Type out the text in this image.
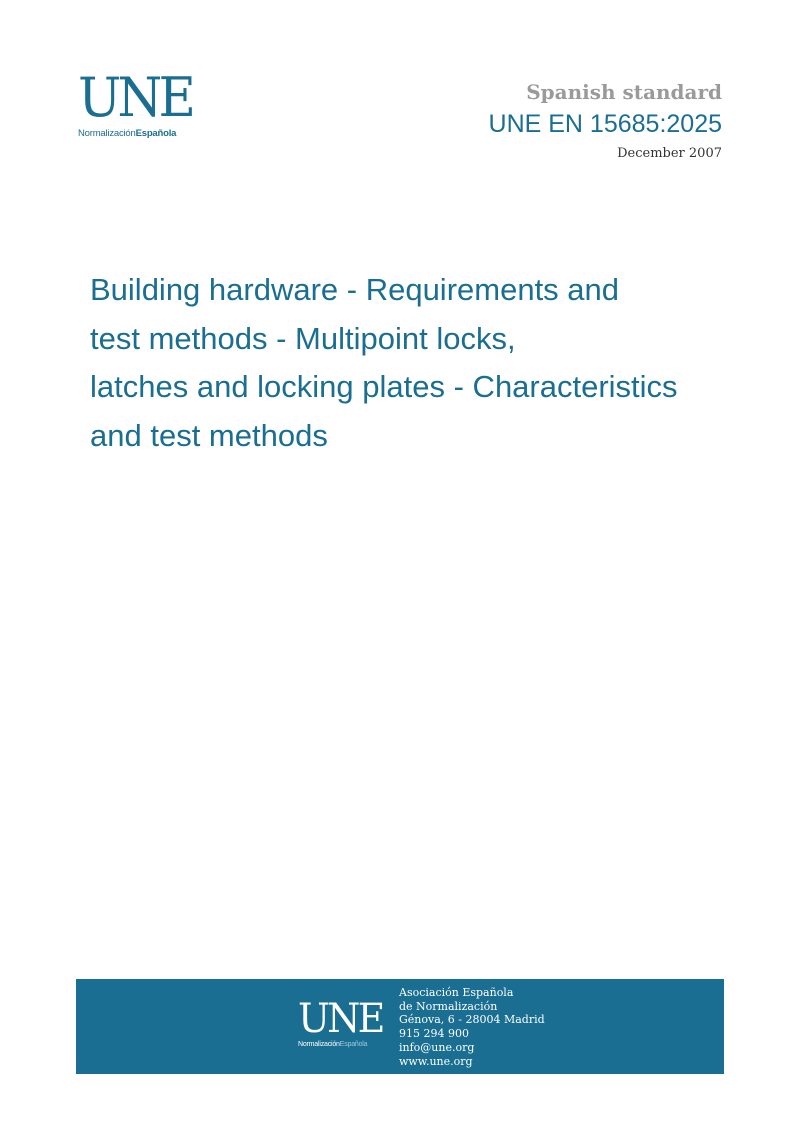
UNE
NormalizaciónEspañola
Spanish standard
UNE EN 15685:2025
December 2007
Building hardware - Requirements and
test methods - Multipoint locks,
latches and locking plates - Characteristics
and test methods
UNE
NormalizaciónEspañola
Asociación Española
de Normalización
Génova, 6 - 28004 Madrid
915 294 900
info@une.org
www.une.org
